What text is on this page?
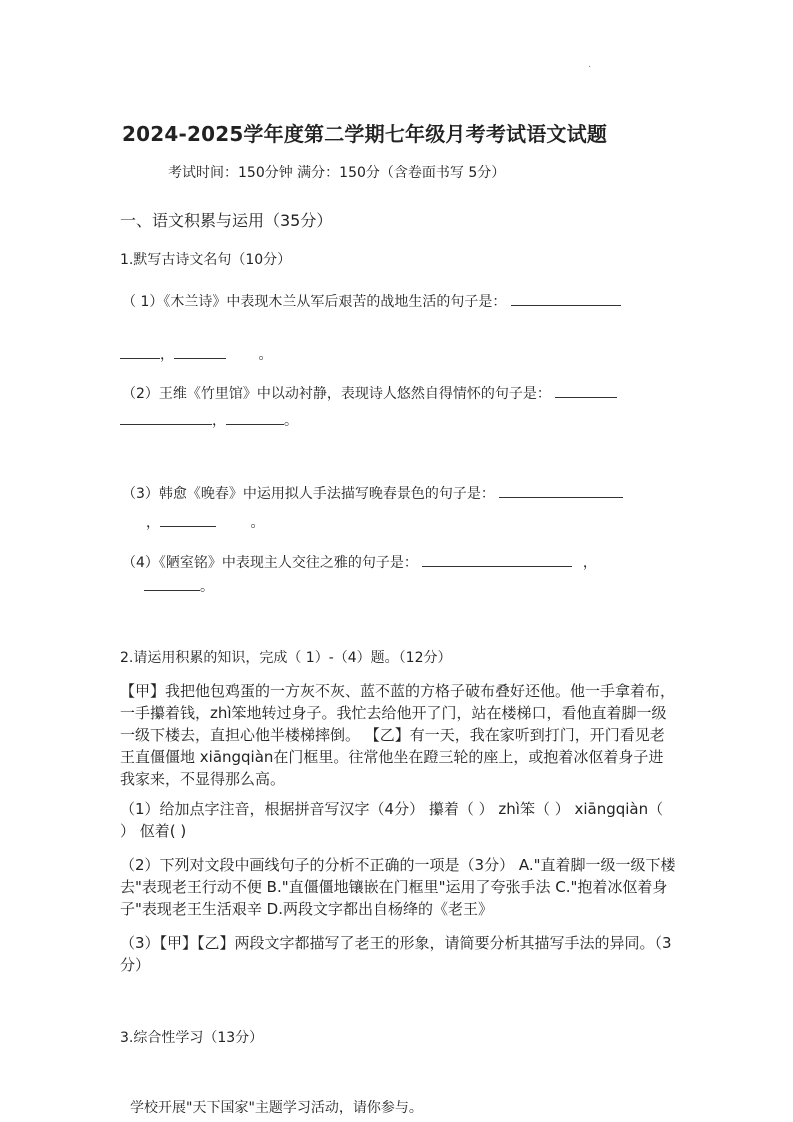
·
2024-2025学年度第二学期七年级月考考试语文试题
考试时间：150分钟 满分：150分（含卷面书写 5分）
一、语文积累与运用（35分）
1.默写古诗文名句（10分）
（ 1）《木兰诗》中表现木兰从军后艰苦的战地生活的句子是：
，	。
（2）王维《竹里馆》中以动衬静，表现诗人悠然自得情怀的句子是：
，	。
（3）韩愈《晚春》中运用拟人手法描写晚春景色的句子是：
，	。
（4）《陋室铭》中表现主人交往之雅的句子是：	，
。
2.请运用积累的知识，完成（ 1）-（4）题。（12分）
【甲】我把他包鸡蛋的一方灰不灰、蓝不蓝的方格子破布叠好还他。他一手拿着布，一手攥着钱，zhì笨地转过身子。我忙去给他开了门，站在楼梯口，看他直着脚一级一级下楼去，直担心他半楼梯摔倒。 【乙】有一天，我在家听到打门，开门看见老王直僵僵地 xiāngqiàn在门框里。往常他坐在蹬三轮的座上，或抱着冰伛着身子进我家来，不显得那么高。
（1）给加点字注音，根据拼音写汉字（4分） 攥着（ ） zhì笨（ ） xiāngqiàn（ ） 伛着( )
（2）下列对文段中画线句子的分析不正确的一项是（3分） A."直着脚一级一级下楼去"表现老王行动不便 B."直僵僵地镶嵌在门框里"运用了夸张手法 C."抱着冰伛着身子"表现老王生活艰辛 D.两段文字都出自杨绛的《老王》
（3）【甲】【乙】两段文字都描写了老王的形象，请简要分析其描写手法的异同。（3分）
3.综合性学习（13分）
学校开展"天下国家"主题学习活动，请你参与。
